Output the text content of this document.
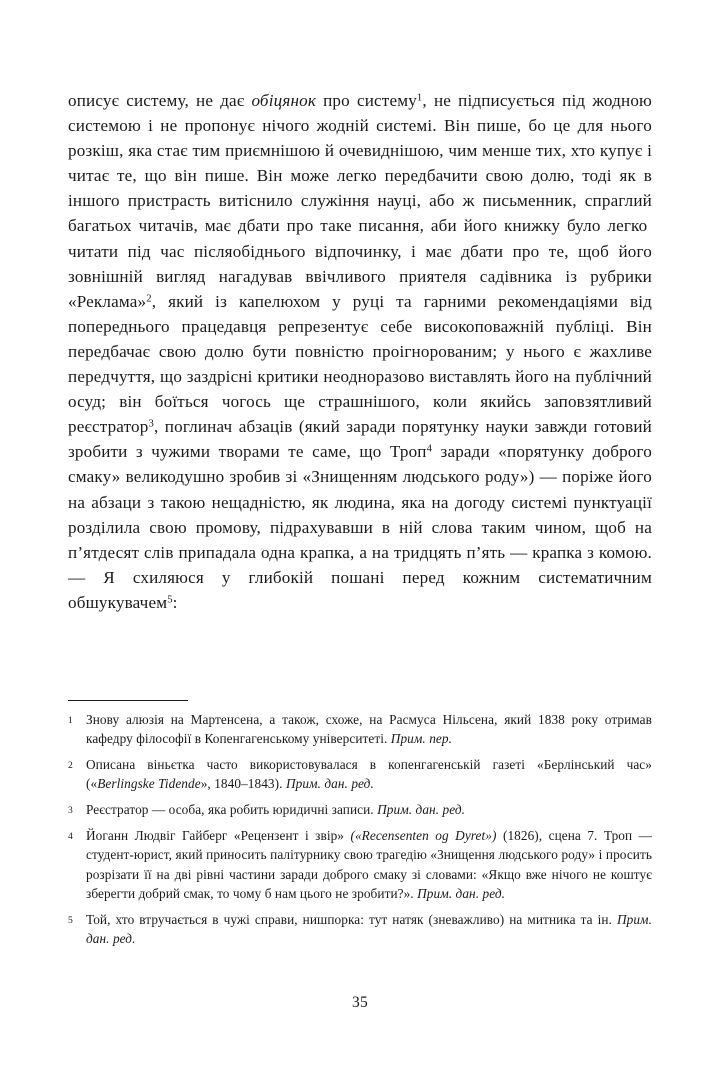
описує систему, не дає обіцянок про систему$^1$, не підписується під жодною системою і не пропонує нічого жодній системі. Він пише, бо це для нього розкіш, яка стає тим приємнішою й очевиднішою, чим менше тих, хто купує і читає те, що він пише. Він може легко передбачити свою долю, тоді як в іншого пристрасть витіснило служіння науці, або ж письменник, спраглий багатьох читачів, має дбати про таке писання, аби його книжку було легко  читати під час післяобіднього відпочинку, і має дбати про те, щоб його зовнішній вигляд нагадував ввічливого приятеля садівника із рубрики «Реклама»$^2$, який із капелюхом у руці та гарними рекомендаціями від попереднього працедавця репрезентує себе високоповажній публіці. Він передбачає свою долю бути повністю проігнорованим; у нього є жахливе передчуття, що заздрісні критики неодноразово виставлять його на публічний осуд; він боїться чогось ще страшнішого, коли якийсь заповзятливий реєстратор$^3$, поглинач абзаців (який заради порятунку науки завжди готовий зробити з чужими творами те саме, що Троп$^4$ заради «порятунку доброго смаку» великодушно зробив зі «Знищенням людського роду») — поріже його на абзаци з такою нещадністю, як людина, яка на догоду системі пунктуації розділила свою промову, підрахувавши в ній слова таким чином, щоб на п’ятдесят слів припадала одна крапка, а на тридцять п’ять — крапка з комою. — Я схиляюся у глибокій пошані перед кожним систематичним обшукувачем$^5$:

1 Знову алюзія на Мартенсена, а також, схоже, на Расмуса Нільсена, який 1838 року отримав кафедру філософії в Копенгагенському університеті. Прим. пер.
2 Описана віньєтка часто використовувалася в копенгагенській газеті «Берлінський час» («Berlingske Tidende», 1840–1843). Прим. дан. ред.
3 Реєстратор — особа, яка робить юридичні записи. Прим. дан. ред.
4 Йоганн Людвіг Гайберг «Рецензент і звір» («Recensenten og Dyret») (1826), сцена 7. Троп — студент-юрист, який приносить палітурнику свою трагедію «Знищення людського роду» і просить розрізати її на дві рівні частини заради доброго смаку зі словами: «Якщо вже нічого не коштує зберегти добрий смак, то чому б нам цього не зробити?». Прим. дан. ред.
5 Той, хто втручається в чужі справи, нишпорка: тут натяк (зневажливо) на митника та ін. Прим. дан. ред.
35
